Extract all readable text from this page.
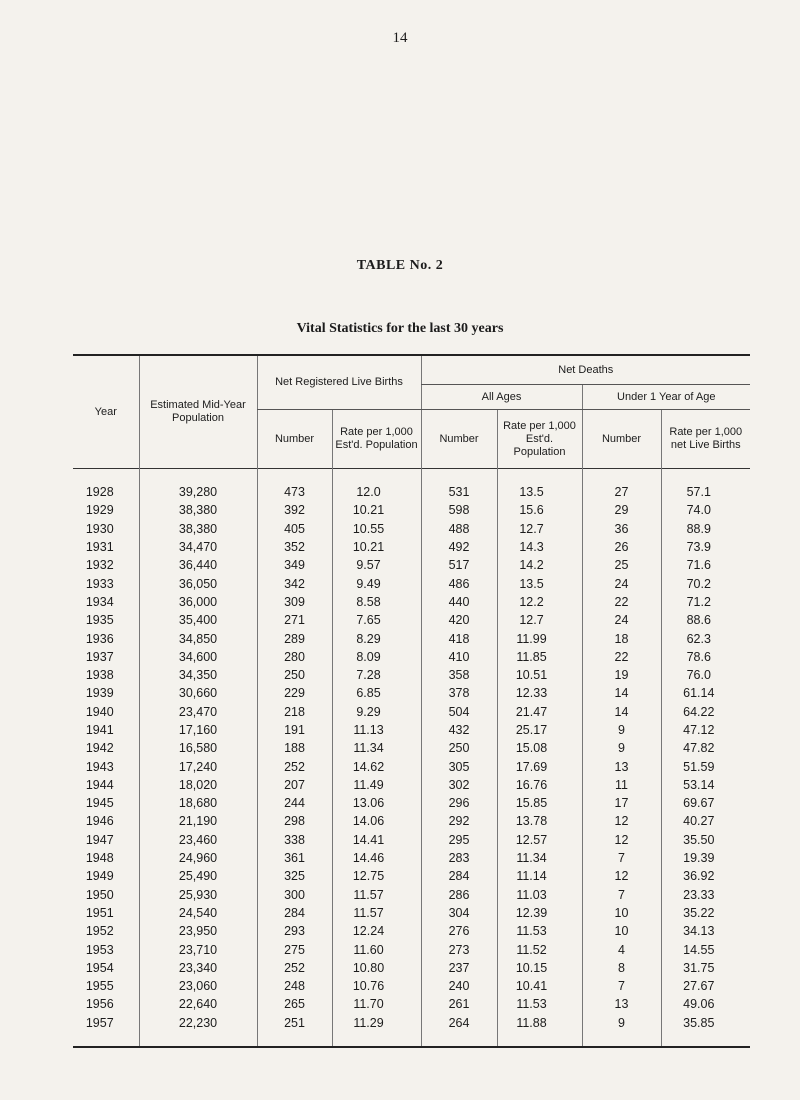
14
TABLE No. 2
Vital Statistics for the last 30 years
Year	Estimated Mid-Year Population	Net Registered Live Births		Net Deaths			
				All Ages		Under 1 Year of Age	
		Number	Rate per 1,000 Est'd. Population	Number	Rate per 1,000 Est'd. Population	Number	Rate per 1,000 net Live Births

1928	39,280	473	12.0	531	13.5	27	57.1
1929	38,380	392	10.21	598	15.6	29	74.0
1930	38,380	405	10.55	488	12.7	36	88.9
1931	34,470	352	10.21	492	14.3	26	73.9
1932	36,440	349	9.57	517	14.2	25	71.6
1933	36,050	342	9.49	486	13.5	24	70.2
1934	36,000	309	8.58	440	12.2	22	71.2
1935	35,400	271	7.65	420	12.7	24	88.6
1936	34,850	289	8.29	418	11.99	18	62.3
1937	34,600	280	8.09	410	11.85	22	78.6
1938	34,350	250	7.28	358	10.51	19	76.0
1939	30,660	229	6.85	378	12.33	14	61.14
1940	23,470	218	9.29	504	21.47	14	64.22
1941	17,160	191	11.13	432	25.17	9	47.12
1942	16,580	188	11.34	250	15.08	9	47.82
1943	17,240	252	14.62	305	17.69	13	51.59
1944	18,020	207	11.49	302	16.76	11	53.14
1945	18,680	244	13.06	296	15.85	17	69.67
1946	21,190	298	14.06	292	13.78	12	40.27
1947	23,460	338	14.41	295	12.57	12	35.50
1948	24,960	361	14.46	283	11.34	7	19.39
1949	25,490	325	12.75	284	11.14	12	36.92
1950	25,930	300	11.57	286	11.03	7	23.33
1951	24,540	284	11.57	304	12.39	10	35.22
1952	23,950	293	12.24	276	11.53	10	34.13
1953	23,710	275	11.60	273	11.52	4	14.55
1954	23,340	252	10.80	237	10.15	8	31.75
1955	23,060	248	10.76	240	10.41	7	27.67
1956	22,640	265	11.70	261	11.53	13	49.06
1957	22,230	251	11.29	264	11.88	9	35.85
